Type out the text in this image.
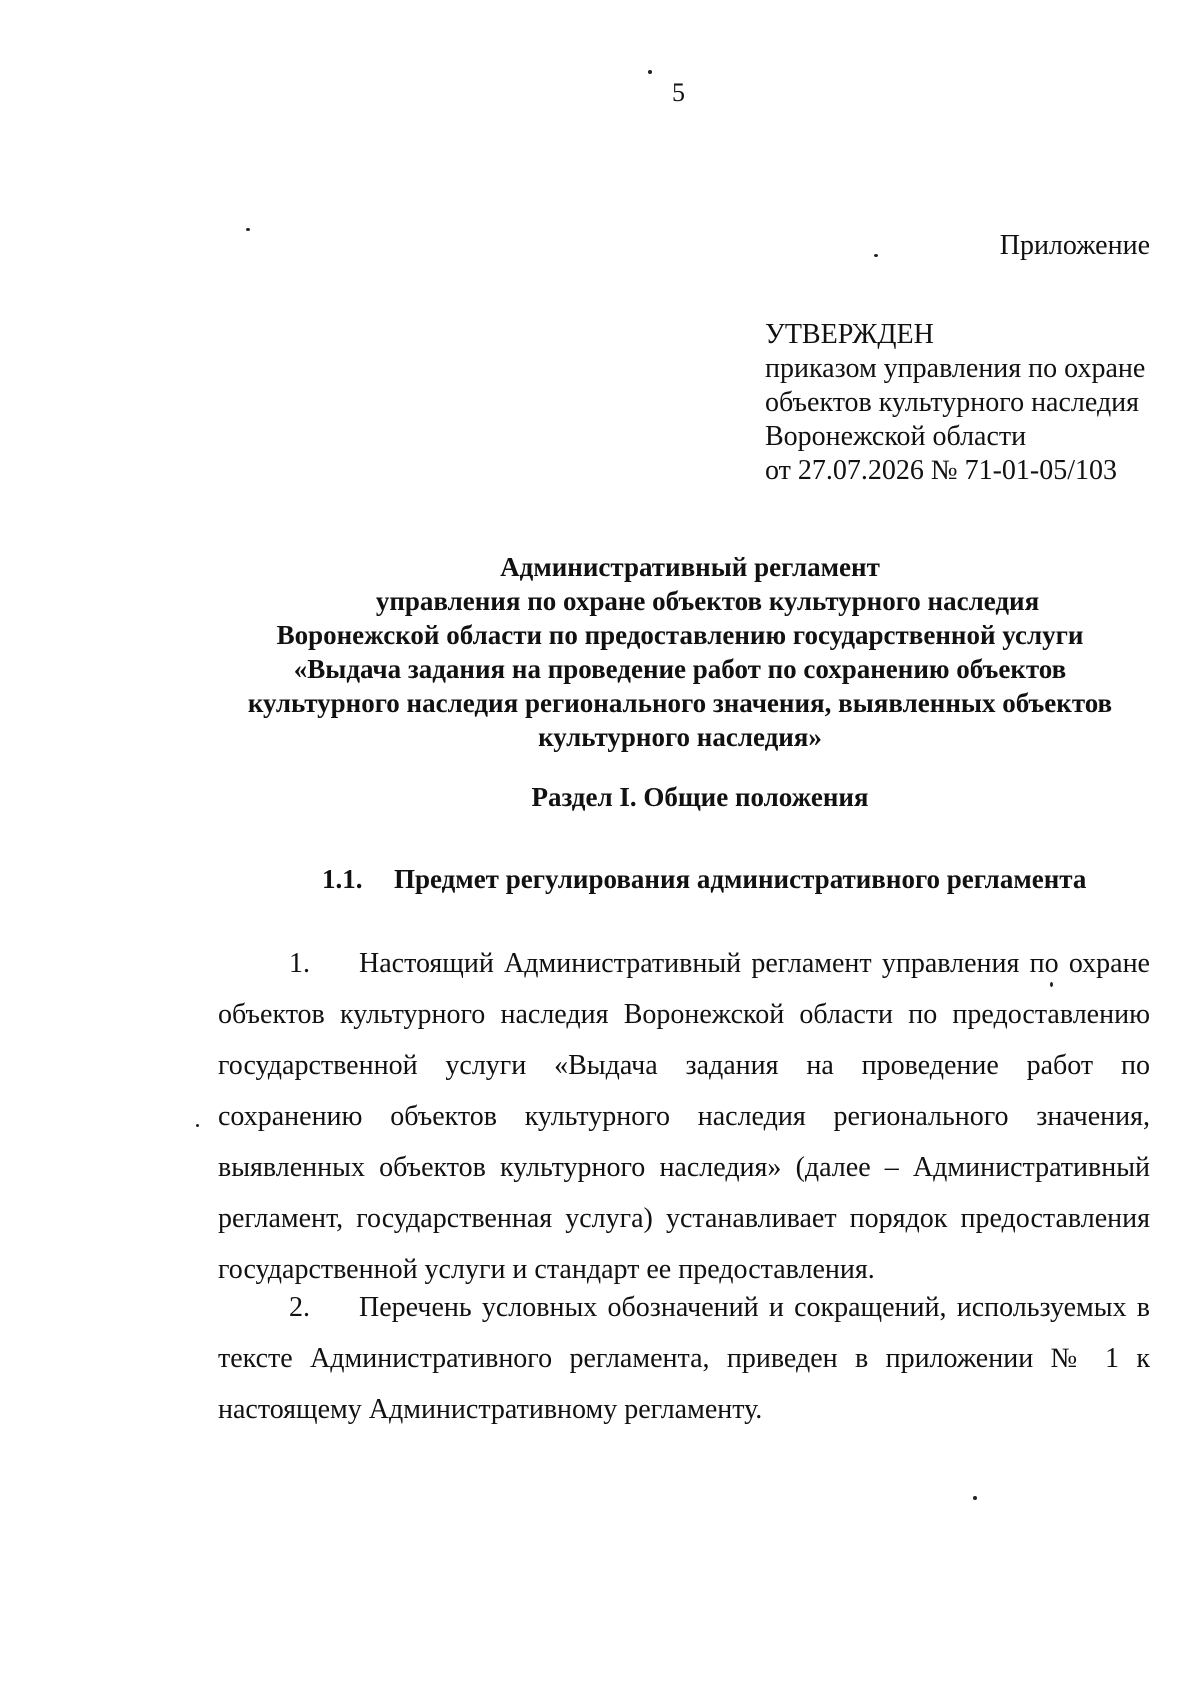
5
Приложение
УТВЕРЖДЕН
приказом управления по охране
объектов культурного наследия
Воронежской области
от 27.07.2026 № 71-01-05/103
Административный регламент
управления по охране объектов культурного наследия
Воронежской области по предоставлению государственной услуги
«Выдача задания на проведение работ по сохранению объектов
культурного наследия регионального значения, выявленных объектов
культурного наследия»
Раздел I. Общие положения
1.1. Предмет регулирования административного регламента
1. Настоящий Административный регламент управления по охране объектов культурного наследия Воронежской области по предоставлению государственной услуги «Выдача задания на проведение работ по сохранению объектов культурного наследия регионального значения, выявленных объектов культурного наследия» (далее – Административный регламент, государственная услуга) устанавливает порядок предоставления государственной услуги и стандарт ее предоставления.
2. Перечень условных обозначений и сокращений, используемых в тексте Административного регламента, приведен в приложении № 1 к настоящему Административному регламенту.
